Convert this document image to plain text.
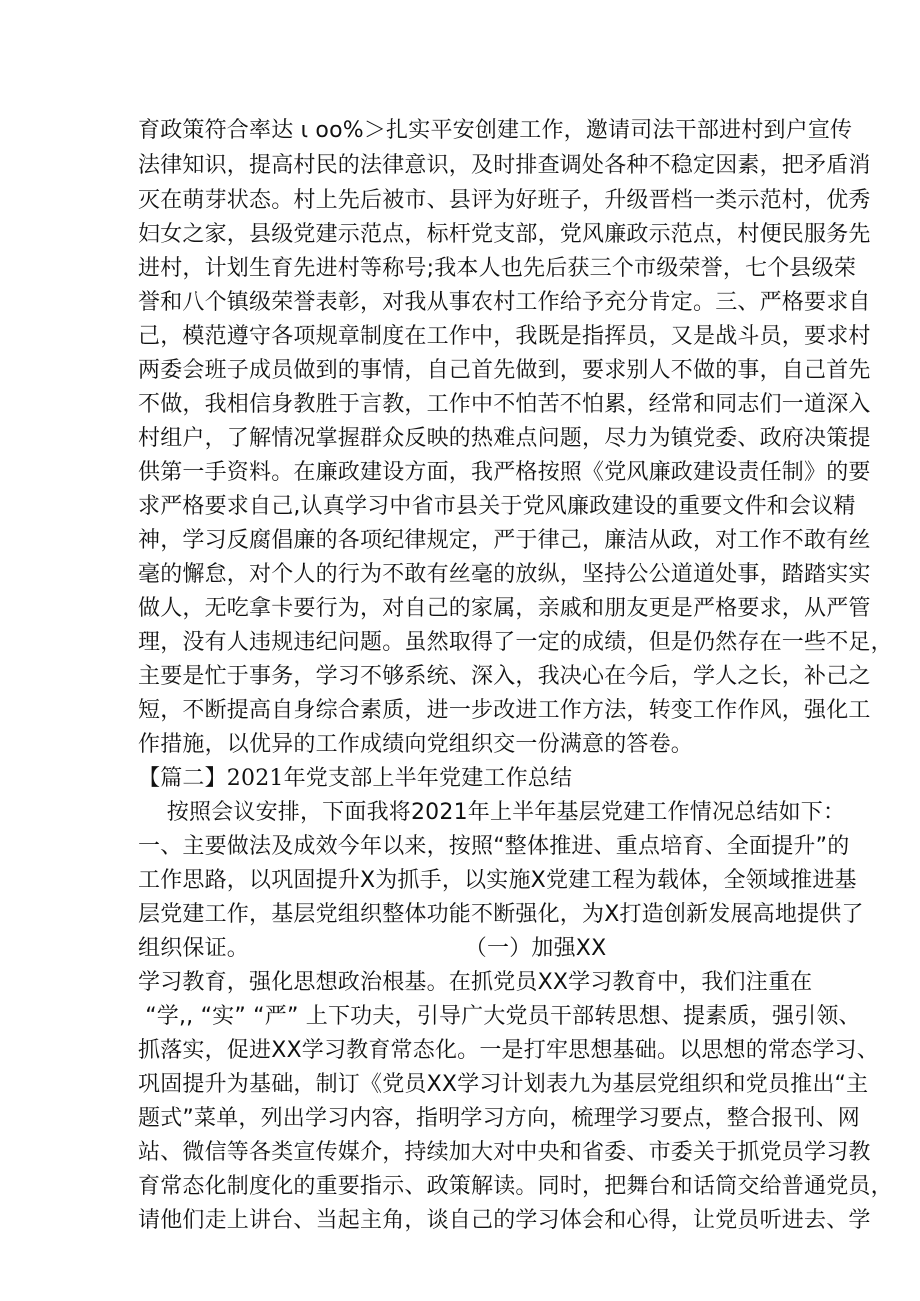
育政策符合率达 ι oo%＞扎实平安创建工作，邀请司法干部进村到户宣传
法律知识，提高村民的法律意识，及时排查调处各种不稳定因素，把矛盾消
灭在萌芽状态。村上先后被市、县评为好班子，升级晋档一类示范村，优秀
妇女之家，县级党建示范点，标杆党支部，党风廉政示范点，村便民服务先
进村，计划生育先进村等称号;我本人也先后获三个市级荣誉，七个县级荣
誉和八个镇级荣誉表彰，对我从事农村工作给予充分肯定。三、严格要求自
己，模范遵守各项规章制度在工作中，我既是指挥员，又是战斗员，要求村
两委会班子成员做到的事情，自己首先做到，要求别人不做的事，自己首先
不做，我相信身教胜于言教，工作中不怕苦不怕累，经常和同志们一道深入
村组户，了解情况掌握群众反映的热难点问题，尽力为镇党委、政府决策提
供第一手资料。在廉政建设方面，我严格按照《党风廉政建设责任制》的要
求严格要求自己,认真学习中省市县关于党风廉政建设的重要文件和会议精
神，学习反腐倡廉的各项纪律规定，严于律己，廉洁从政，对工作不敢有丝
毫的懈怠，对个人的行为不敢有丝毫的放纵，坚持公公道道处事，踏踏实实
做人，无吃拿卡要行为，对自己的家属，亲戚和朋友更是严格要求，从严管
理，没有人违规违纪问题。虽然取得了一定的成绩，但是仍然存在一些不足，
主要是忙于事务，学习不够系统、深入，我决心在今后，学人之长，补己之
短，不断提高自身综合素质，进一步改进工作方法，转变工作作风，强化工
作措施，以优异的工作成绩向党组织交一份满意的答卷。
【篇二】2021年党支部上半年党建工作总结
按照会议安排，下面我将2021年上半年基层党建工作情况总结如下：
一、主要做法及成效今年以来，按照“整体推进、重点培育、全面提升”的
工作思路，以巩固提升X为抓手，以实施X党建工程为载体，全领域推进基
层党建工作，基层党组织整体功能不断强化，为X打造创新发展高地提供了
组织保证。                              （一）加强XX
学习教育，强化思想政治根基。在抓党员XX学习教育中，我们注重在
“学,, “实” “严” 上下功夫，引导广大党员干部转思想、提素质，强引领、
抓落实，促进XX学习教育常态化。一是打牢思想基础。以思想的常态学习、
巩固提升为基础，制订《党员XX学习计划表九为基层党组织和党员推出“主
题式”菜单，列出学习内容，指明学习方向，梳理学习要点，整合报刊、网
站、微信等各类宣传媒介，持续加大对中央和省委、市委关于抓党员学习教
育常态化制度化的重要指示、政策解读。同时，把舞台和话筒交给普通党员，
请他们走上讲台、当起主角，谈自己的学习体会和心得，让党员听进去、学
